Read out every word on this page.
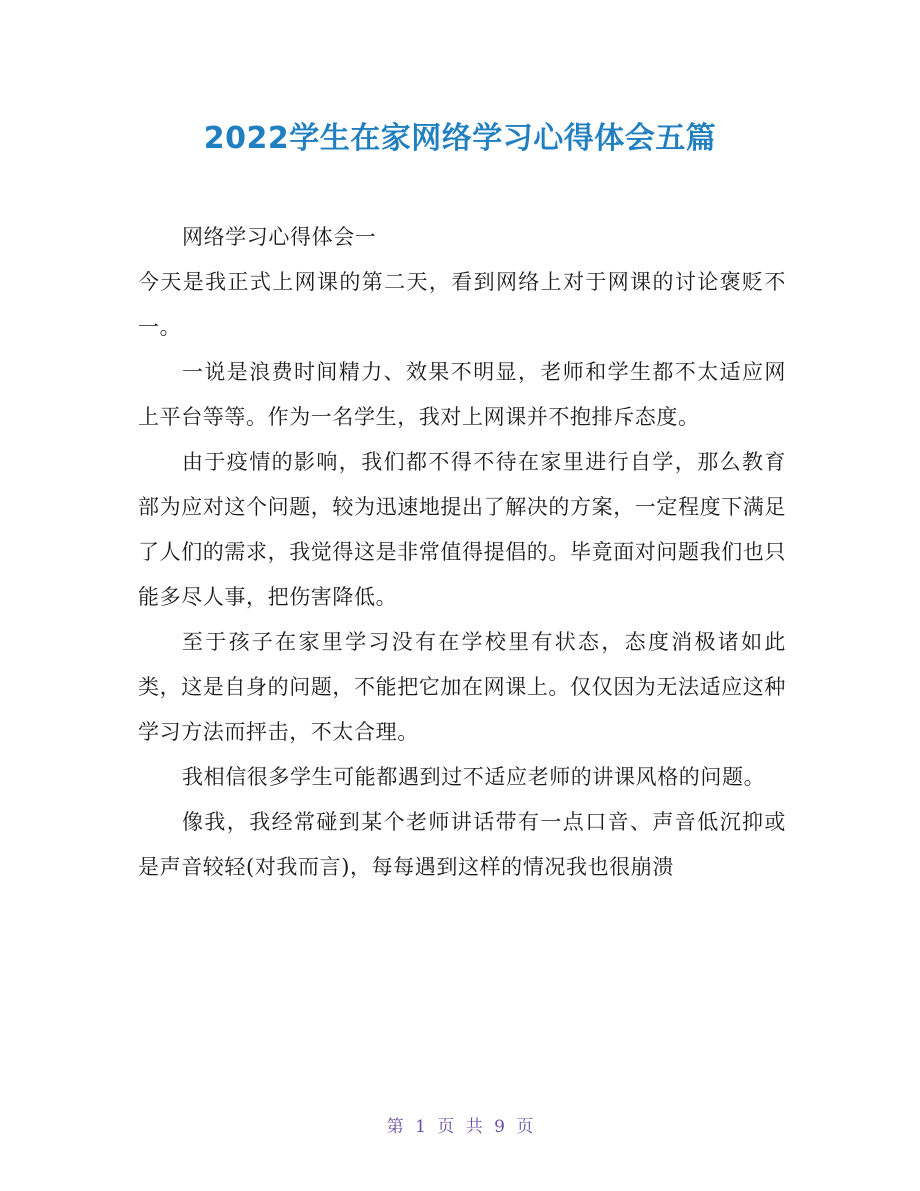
2022学生在家网络学习心得体会五篇

网络学习心得体会一

今天是我正式上网课的第二天，看到网络上对于网课的讨论褒贬不一。

一说是浪费时间精力、效果不明显，老师和学生都不太适应网上平台等等。作为一名学生，我对上网课并不抱排斥态度。

由于疫情的影响，我们都不得不待在家里进行自学，那么教育部为应对这个问题，较为迅速地提出了解决的方案，一定程度下满足了人们的需求，我觉得这是非常值得提倡的。毕竟面对问题我们也只能多尽人事，把伤害降低。

至于孩子在家里学习没有在学校里有状态，态度消极诸如此类，这是自身的问题，不能把它加在网课上。仅仅因为无法适应这种学习方法而抨击，不太合理。

我相信很多学生可能都遇到过不适应老师的讲课风格的问题。

像我，我经常碰到某个老师讲话带有一点口音、声音低沉抑或是声音较轻(对我而言)，每每遇到这样的情况我也很崩溃

第 1 页 共 9 页
